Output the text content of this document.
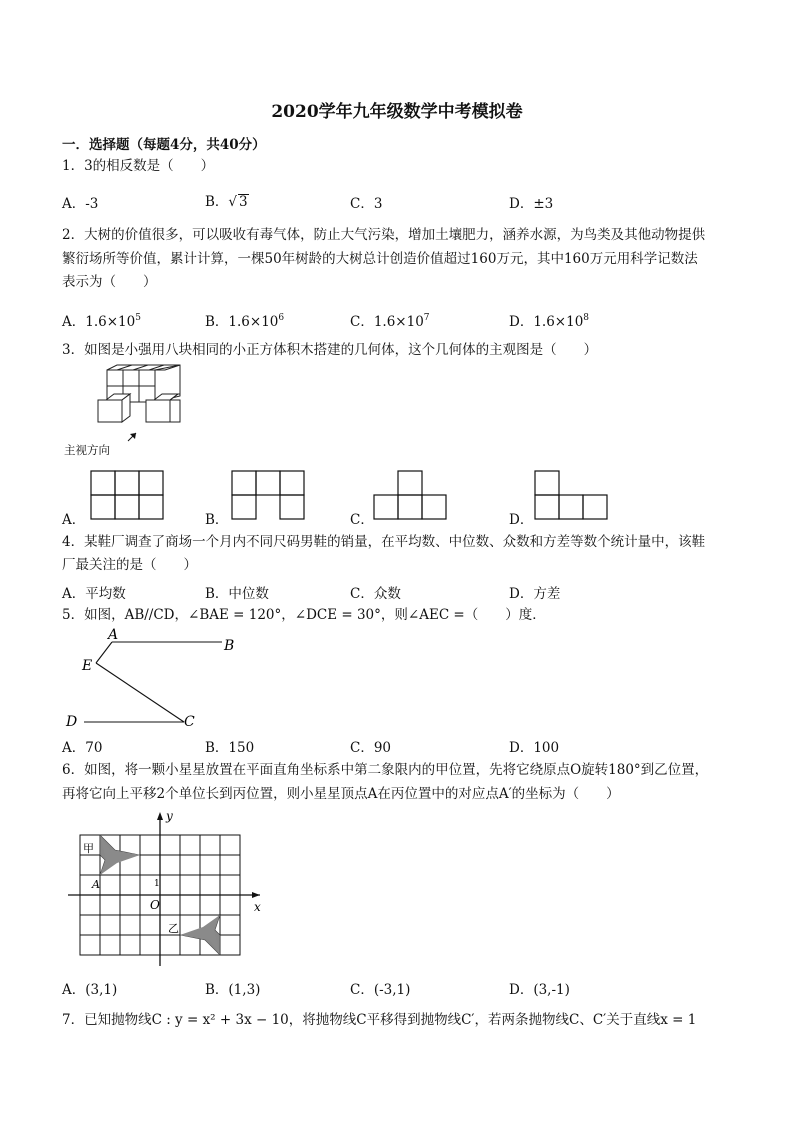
2020学年九年级数学中考模拟卷
一．选择题（每题4分，共40分）
1．3的相反数是（　　）
A．-3	B．√ 3	C．3	D．±3
2．大树的价值很多，可以吸收有毒气体，防止大气污染，增加土壤肥力，涵养水源，为鸟类及其他动物提供
繁衍场所等价值，累计计算，一棵50年树龄的大树总计创造价值超过160万元，其中160万元用科学记数法
表示为（　　）
A．$1.6\times 10^5$	B．$1.6\times 10^6$	C．$1.6\times 10^7$	D．$1.6\times 10^8$
3．如图是小强用八块相同的小正方体积木搭建的几何体，这个几何体的主观图是（　　）
主视方向
A．	B．	C．	D．
4．某鞋厂调查了商场一个月内不同尺码男鞋的销量，在平均数、中位数、众数和方差等数个统计量中，该鞋
厂最关注的是（　　）
A．平均数	B．中位数	C．众数	D．方差
5．如图，AB//CD，∠BAE = 120°，∠DCE = 30°，则∠AEC =（　　）度．
A
B
E
D	C
A．70	B．150	C．90	D．100
6．如图，将一颗小星星放置在平面直角坐标系中第二象限内的甲位置，先将它绕原点O旋转180°到乙位置，
再将它向上平移2个单位长到丙位置，则小星星顶点A在丙位置中的对应点A′的坐标为（　　）
y
x
O
1
A
甲
乙
A．(3,1)	B．(1,3)	C．(-3,1)	D．(3,-1)
7．已知抛物线C : y = x² + 3x − 10，将抛物线C平移得到抛物线C′，若两条抛物线C、C′关于直线x = 1
